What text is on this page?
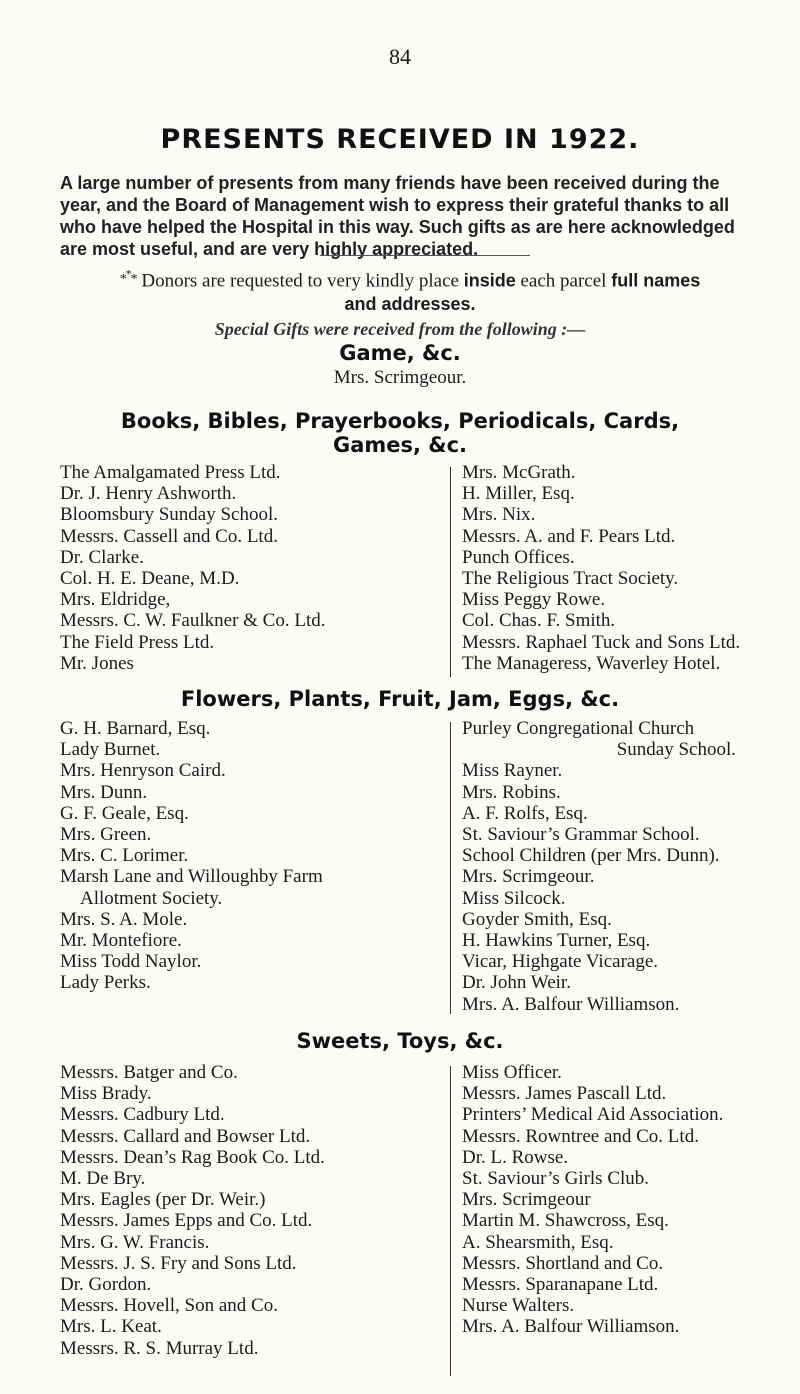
84
PRESENTS RECEIVED IN 1922.

A large number of presents from many friends have been received during the year, and the Board of Management wish to express their grateful thanks to all who have helped the Hospital in this way. Such gifts as are here acknowledged are most useful, and are very highly appreciated.

*** Donors are requested to very kindly place inside each parcel full names
and addresses.
Special Gifts were received from the following :—
Game, &c.
Mrs. Scrimgeour.
Books, Bibles, Prayerbooks, Periodicals, Cards,
Games, &c.
The Amalgamated Press Ltd.
Dr. J. Henry Ashworth.
Bloomsbury Sunday School.
Messrs. Cassell and Co. Ltd.
Dr. Clarke.
Col. H. E. Deane, M.D.
Mrs. Eldridge,
Messrs. C. W. Faulkner & Co. Ltd.
The Field Press Ltd.
Mr. Jones
Mrs. McGrath.
H. Miller, Esq.
Mrs. Nix.
Messrs. A. and F. Pears Ltd.
Punch Offices.
The Religious Tract Society.
Miss Peggy Rowe.
Col. Chas. F. Smith.
Messrs. Raphael Tuck and Sons Ltd.
The Manageress, Waverley Hotel.
Flowers, Plants, Fruit, Jam, Eggs, &c.
G. H. Barnard, Esq.
Lady Burnet.
Mrs. Henryson Caird.
Mrs. Dunn.
G. F. Geale, Esq.
Mrs. Green.
Mrs. C. Lorimer.
Marsh Lane and Willoughby Farm
Allotment Society.
Mrs. S. A. Mole.
Mr. Montefiore.
Miss Todd Naylor.
Lady Perks.
Purley Congregational Church
Sunday School.
Miss Rayner.
Mrs. Robins.
A. F. Rolfs, Esq.
St. Saviour’s Grammar School.
School Children (per Mrs. Dunn).
Mrs. Scrimgeour.
Miss Silcock.
Goyder Smith, Esq.
H. Hawkins Turner, Esq.
Vicar, Highgate Vicarage.
Dr. John Weir.
Mrs. A. Balfour Williamson.
Sweets, Toys, &c.
Messrs. Batger and Co.
Miss Brady.
Messrs. Cadbury Ltd.
Messrs. Callard and Bowser Ltd.
Messrs. Dean’s Rag Book Co. Ltd.
M. De Bry.
Mrs. Eagles (per Dr. Weir.)
Messrs. James Epps and Co. Ltd.
Mrs. G. W. Francis.
Messrs. J. S. Fry and Sons Ltd.
Dr. Gordon.
Messrs. Hovell, Son and Co.
Mrs. L. Keat.
Messrs. R. S. Murray Ltd.
Miss Officer.
Messrs. James Pascall Ltd.
Printers’ Medical Aid Association.
Messrs. Rowntree and Co. Ltd.
Dr. L. Rowse.
St. Saviour’s Girls Club.
Mrs. Scrimgeour
Martin M. Shawcross, Esq.
A. Shearsmith, Esq.
Messrs. Shortland and Co.
Messrs. Sparanapane Ltd.
Nurse Walters.
Mrs. A. Balfour Williamson.
